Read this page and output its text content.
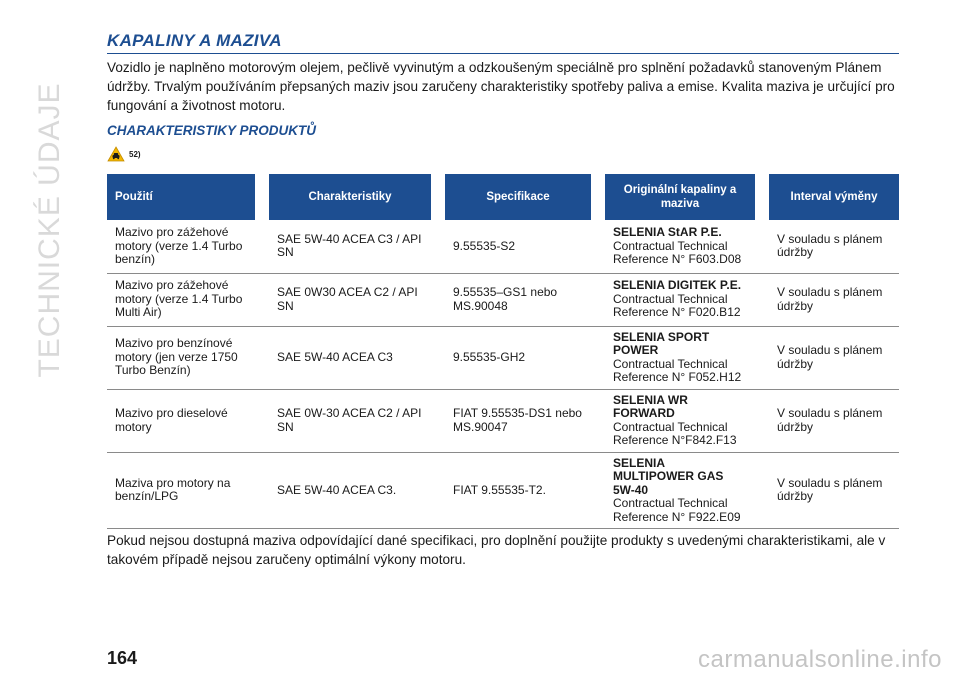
TECHNICKÉ ÚDAJE
KAPALINY A MAZIVA

Vozidlo je naplněno motorovým olejem, pečlivě vyvinutým a odzkoušeným speciálně pro splnění požadavků stanoveným Plánem údržby. Trvalým používáním přepsaných maziv jsou zaručeny charakteristiky spotřeby paliva a emise. Kvalita maziva je určující pro fungování a životnost motoru.

CHARAKTERISTIKY PRODUKTŮ
52)
Použití		Charakteristiky		Specifikace		Originální kapaliny a maziva		Interval výměny
Mazivo pro zážehové motory (verze 1.4 Turbo benzín)		SAE 5W-40 ACEA C3 / API SN		9.55535-S2		SELENIA StAR P.E.
Contractual Technical Reference N° F603.D08		V souladu s plánem údržby
Mazivo pro zážehové motory (verze 1.4 Turbo Multi Air)		SAE 0W30 ACEA C2 / API SN		9.55535–GS1 nebo MS.90048		SELENIA DIGITEK P.E.
Contractual Technical Reference N° F020.B12		V souladu s plánem údržby
Mazivo pro benzínové motory (jen verze 1750 Turbo Benzín)		SAE 5W-40 ACEA C3		9.55535-GH2		SELENIA SPORT POWER
Contractual Technical Reference N° F052.H12		V souladu s plánem údržby
Mazivo pro dieselové motory		SAE 0W-30 ACEA C2 / API SN		FIAT 9.55535-DS1 nebo MS.90047		SELENIA WR FORWARD
Contractual Technical Reference N°F842.F13		V souladu s plánem údržby
Maziva pro motory na benzín/LPG		SAE 5W-40 ACEA C3.		FIAT 9.55535-T2.		SELENIA MULTIPOWER GAS 5W-40
Contractual Technical Reference N° F922.E09		V souladu s plánem údržby

Pokud nejsou dostupná maziva odpovídající dané specifikaci, pro doplnění použijte produkty s uvedenými charakteristikami, ale v takovém případě nejsou zaručeny optimální výkony motoru.

164	carmanualsonline.info
